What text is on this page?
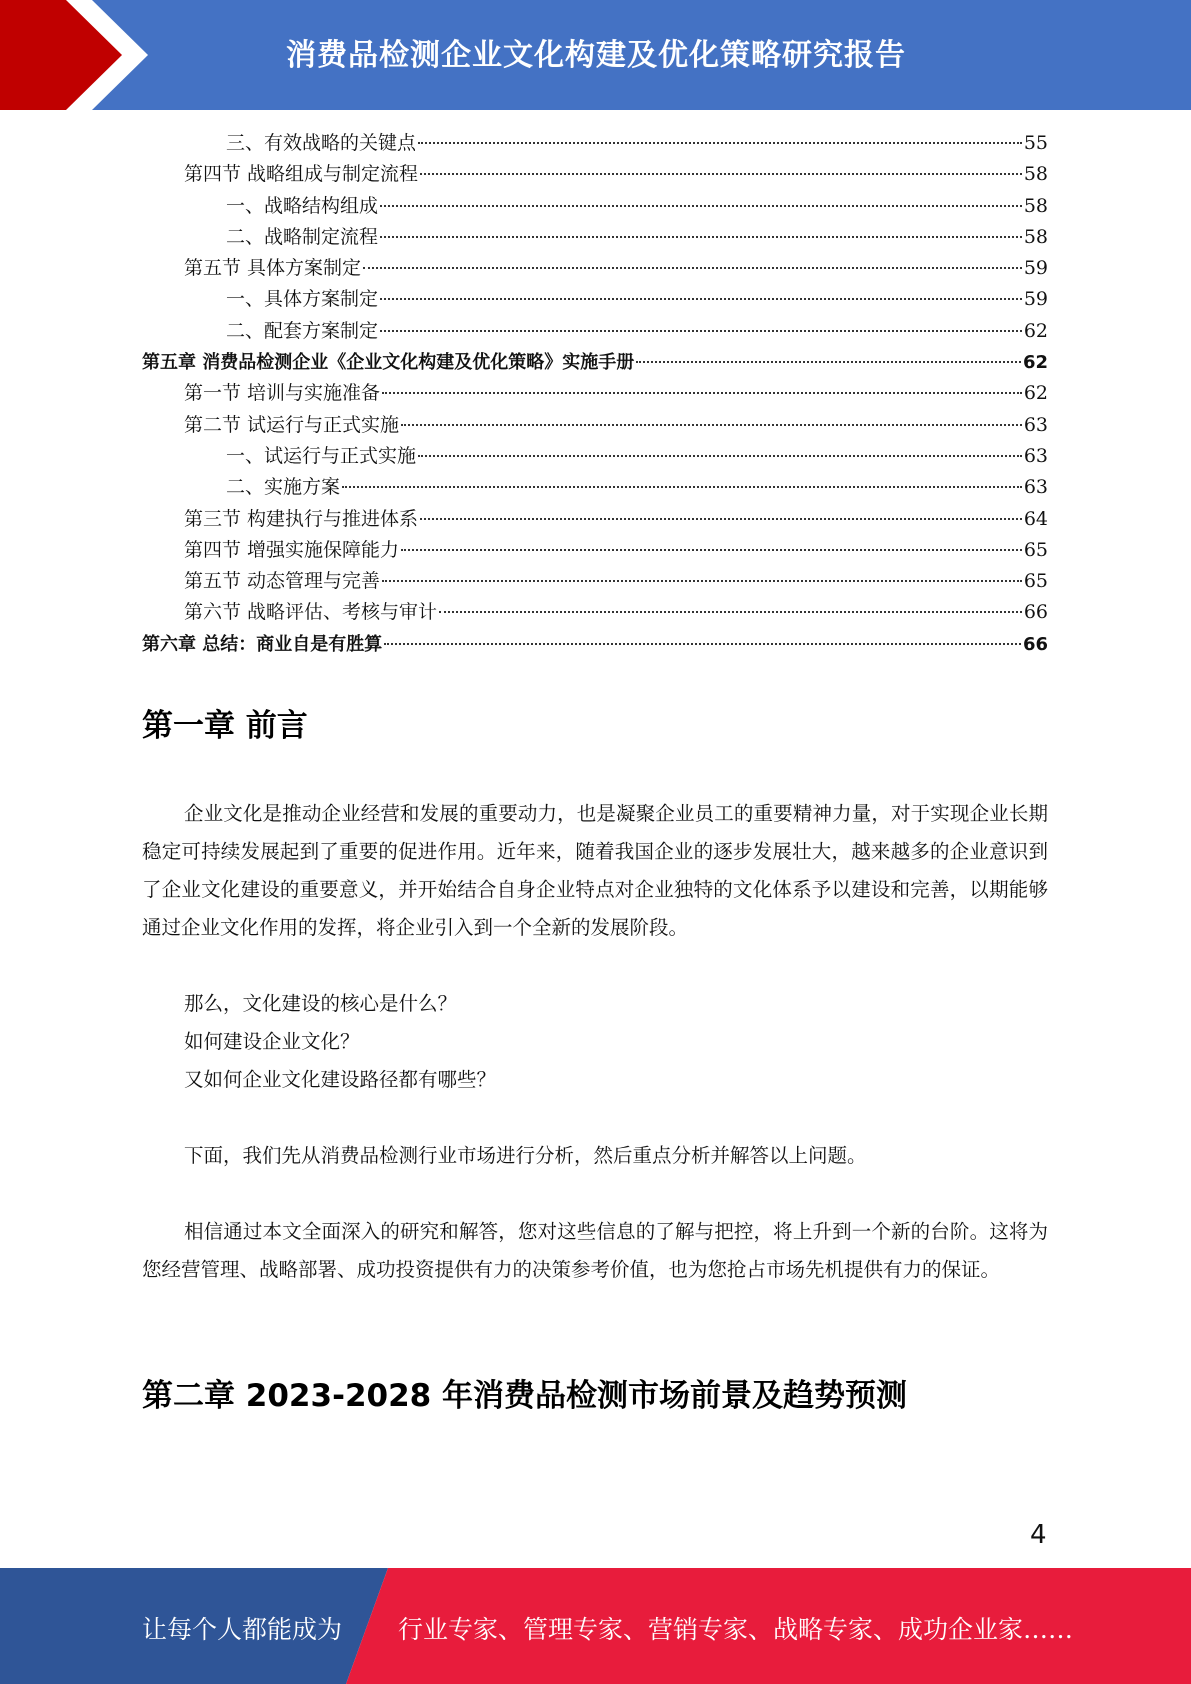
消费品检测企业文化构建及优化策略研究报告
三、有效战略的关键点	55
第四节 战略组成与制定流程	58
一、战略结构组成	58
二、战略制定流程	58
第五节 具体方案制定	59
一、具体方案制定	59
二、配套方案制定	62
第五章 消费品检测企业《企业文化构建及优化策略》实施手册	62
第一节 培训与实施准备	62
第二节 试运行与正式实施	63
一、试运行与正式实施	63
二、实施方案	63
第三节 构建执行与推进体系	64
第四节 增强实施保障能力	65
第五节 动态管理与完善	65
第六节 战略评估、考核与审计	66
第六章 总结：商业自是有胜算	66
第一章 前言

企业文化是推动企业经营和发展的重要动力，也是凝聚企业员工的重要精神力量，对于实现企业长期稳定可持续发展起到了重要的促进作用。近年来，随着我国企业的逐步发展壮大，越来越多的企业意识到了企业文化建设的重要意义，并开始结合自身企业特点对企业独特的文化体系予以建设和完善，以期能够通过企业文化作用的发挥，将企业引入到一个全新的发展阶段。

那么，文化建设的核心是什么？
如何建设企业文化？
又如何企业文化建设路径都有哪些？

下面，我们先从消费品检测行业市场进行分析，然后重点分析并解答以上问题。

相信通过本文全面深入的研究和解答，您对这些信息的了解与把控，将上升到一个新的台阶。这将为您经营管理、战略部署、成功投资提供有力的决策参考价值，也为您抢占市场先机提供有力的保证。

第二章 2023-2028 年消费品检测市场前景及趋势预测
4
让每个人都能成为 行业专家、管理专家、营销专家、战略专家、成功企业家……
